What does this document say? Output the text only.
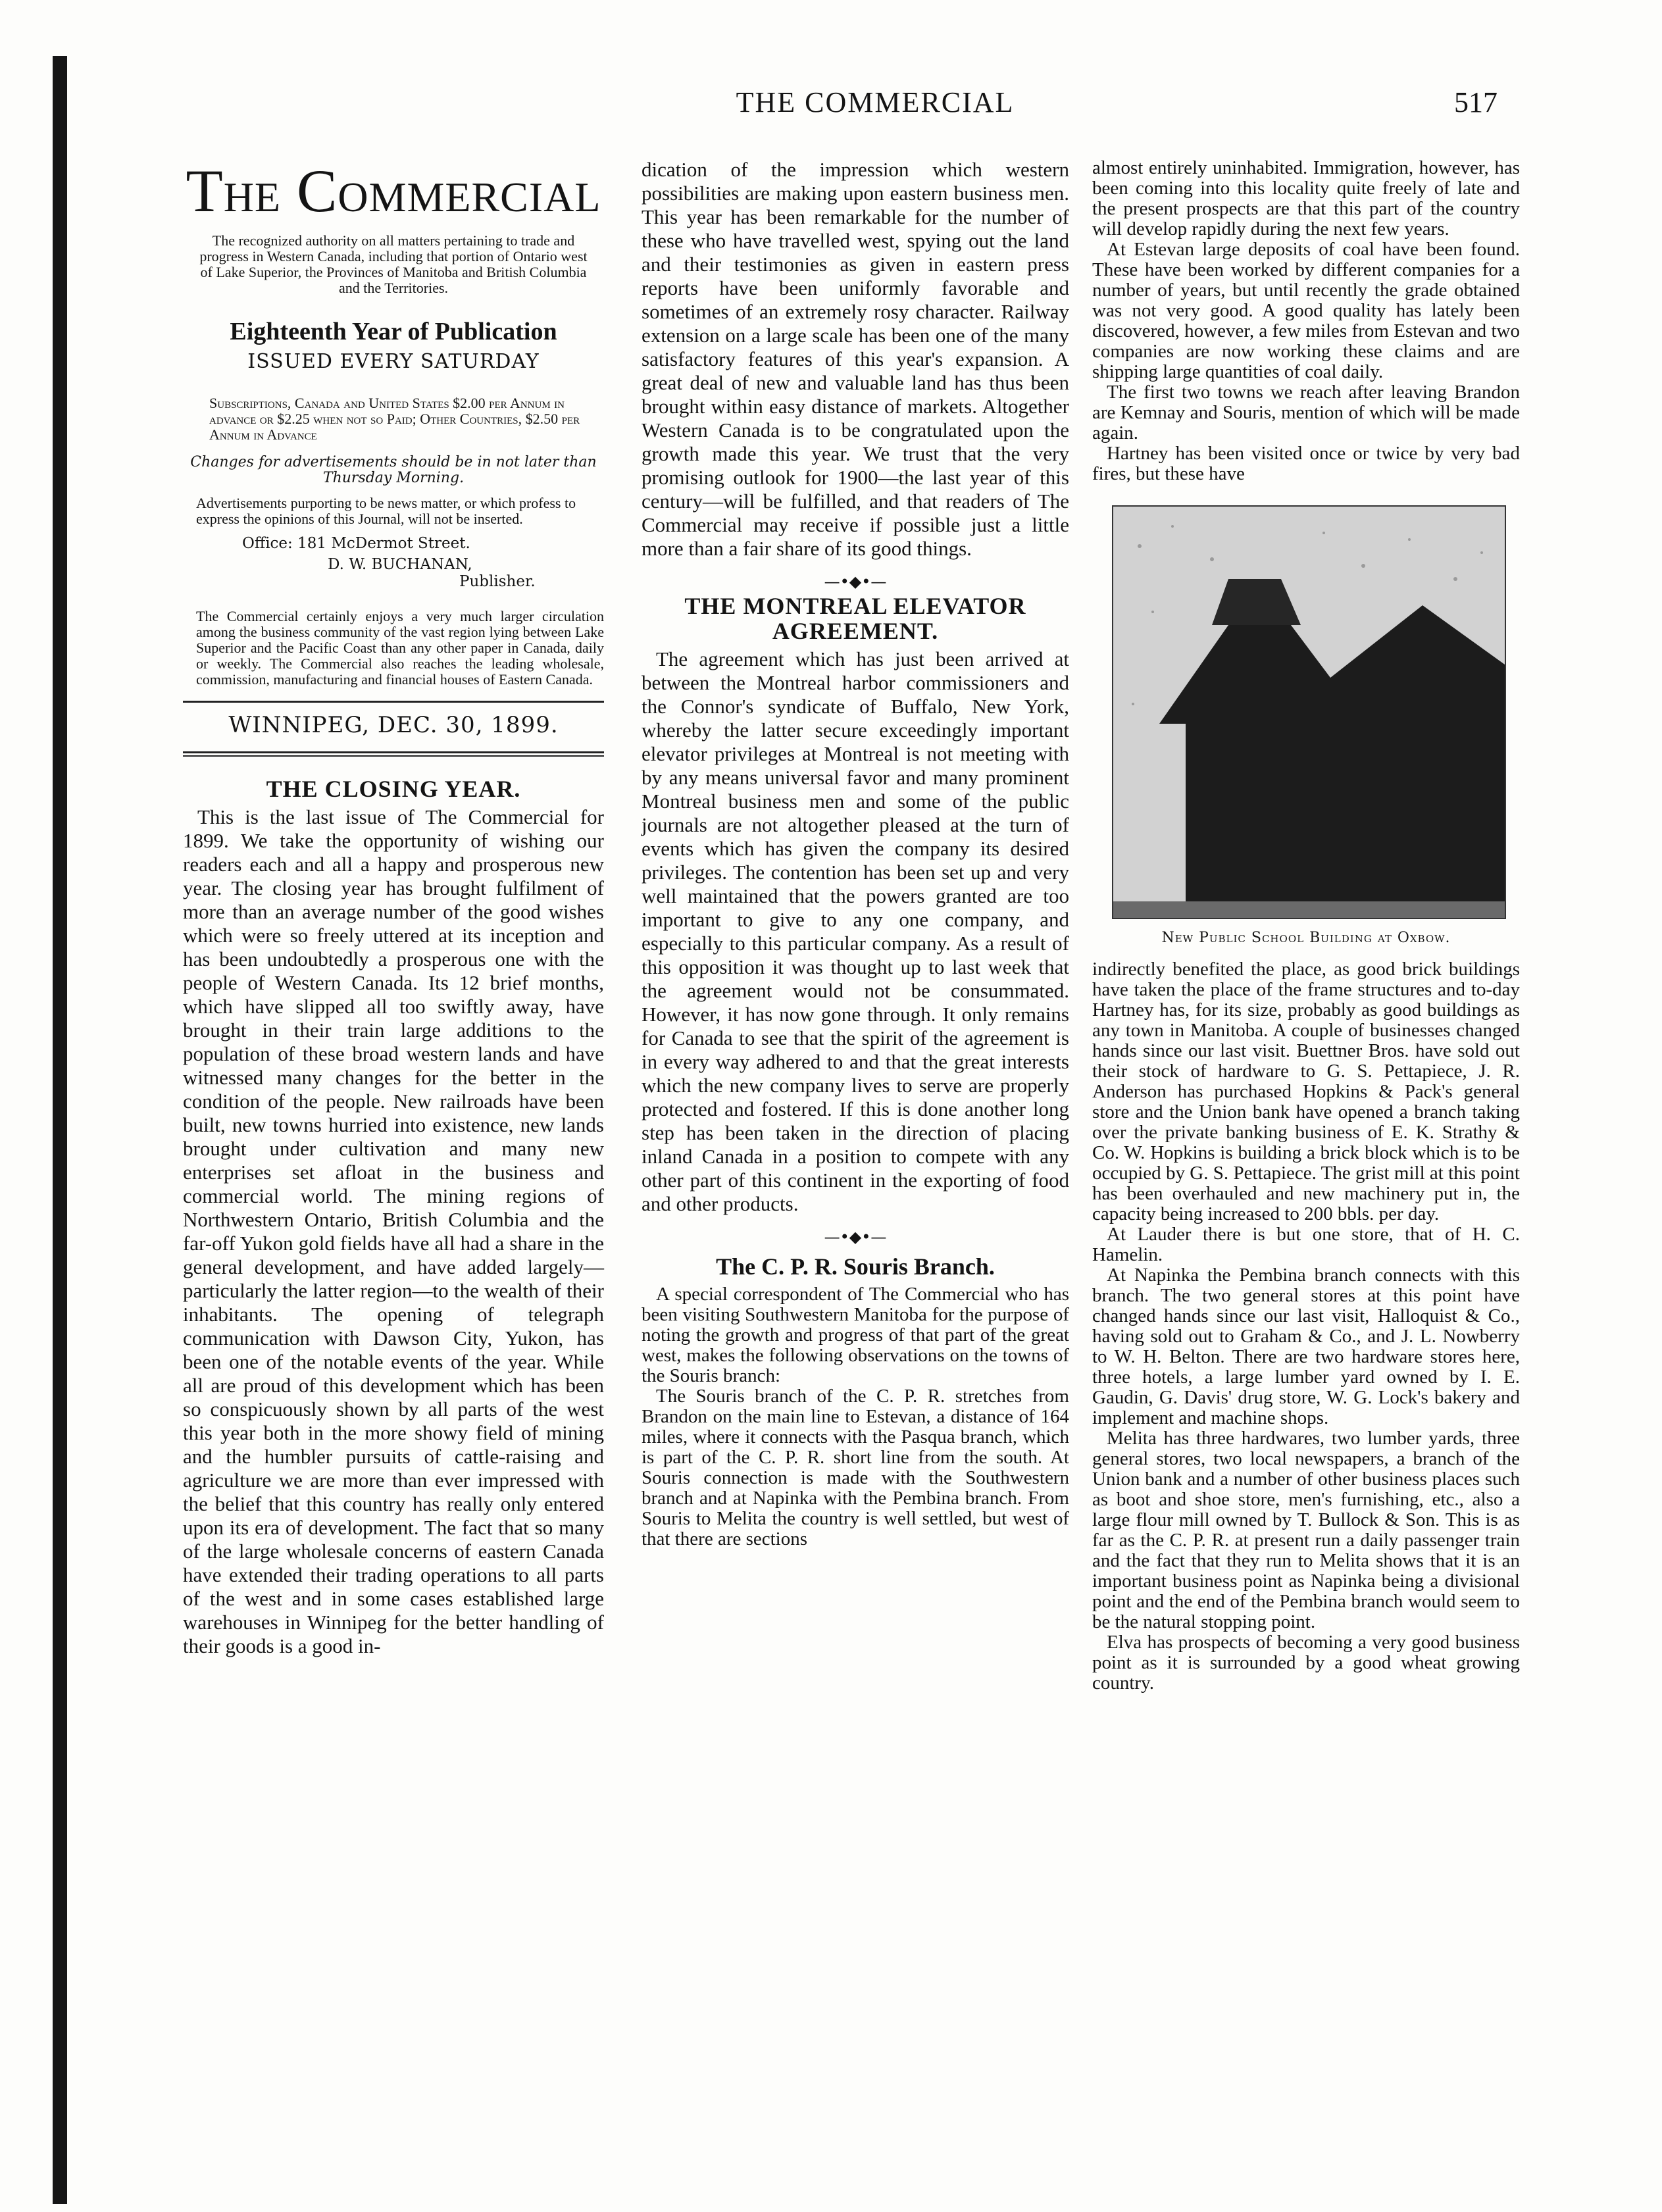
THE COMMERCIAL	517
The Commercial
The recognized authority on all matters pertaining to trade and progress in Western Canada, including that portion of Ontario west of Lake Superior, the Provinces of Manitoba and British Columbia and the Territories.
Eighteenth Year of Publication
ISSUED EVERY SATURDAY
Subscriptions, Canada and United States $2.00 per Annum in advance or $2.25 when not so Paid; Other Countries, $2.50 per Annum in Advance
Changes for advertisements should be in not later than Thursday Morning.
Advertisements purporting to be news matter, or which profess to express the opinions of this Journal, will not be inserted.
Office: 181 McDermot Street.
D. W. BUCHANAN,
Publisher.
The Commercial certainly enjoys a very much larger circulation among the business community of the vast region lying between Lake Superior and the Pacific Coast than any other paper in Canada, daily or weekly. The Commercial also reaches the leading wholesale, commission, manufacturing and financial houses of Eastern Canada.
WINNIPEG, DEC. 30, 1899.
THE CLOSING YEAR.

This is the last issue of The Commercial for 1899. We take the opportunity of wishing our readers each and all a happy and prosperous new year. The closing year has brought fulfilment of more than an average number of the good wishes which were so freely uttered at its inception and has been undoubtedly a prosperous one with the people of Western Canada. Its 12 brief months, which have slipped all too swiftly away, have brought in their train large additions to the population of these broad western lands and have witnessed many changes for the better in the condition of the people. New railroads have been built, new towns hurried into existence, new lands brought under cultivation and many new enterprises set afloat in the business and commercial world. The mining regions of Northwestern Ontario, British Columbia and the far-off Yukon gold fields have all had a share in the general development, and have added largely—particularly the latter region—to the wealth of their inhabitants. The opening of telegraph communication with Dawson City, Yukon, has been one of the notable events of the year. While all are proud of this development which has been so conspicuously shown by all parts of the west this year both in the more showy field of mining and the humbler pursuits of cattle-raising and agriculture we are more than ever impressed with the belief that this country has really only entered upon its era of development. The fact that so many of the large wholesale concerns of eastern Canada have extended their trading operations to all parts of the west and in some cases established large warehouses in Winnipeg for the better handling of their goods is a good in-

dication of the impression which western possibilities are making upon eastern business men. This year has been remarkable for the number of these who have travelled west, spying out the land and their testimonies as given in eastern press reports have been uniformly favorable and sometimes of an extremely rosy character. Railway extension on a large scale has been one of the many satisfactory features of this year's expansion. A great deal of new and valuable land has thus been brought within easy distance of markets. Altogether Western Canada is to be congratulated upon the growth made this year. We trust that the very promising outlook for 1900—the last year of this century—will be fulfilled, and that readers of The Commercial may receive if possible just a little more than a fair share of its good things.

—•◆•—
THE MONTREAL ELEVATOR AGREEMENT.

The agreement which has just been arrived at between the Montreal harbor commissioners and the Connor's syndicate of Buffalo, New York, whereby the latter secure exceedingly important elevator privileges at Montreal is not meeting with by any means universal favor and many prominent Montreal business men and some of the public journals are not altogether pleased at the turn of events which has given the company its desired privileges. The contention has been set up and very well maintained that the powers granted are too important to give to any one company, and especially to this particular company. As a result of this opposition it was thought up to last week that the agreement would not be consummated. However, it has now gone through. It only remains for Canada to see that the spirit of the agreement is in every way adhered to and that the great interests which the new company lives to serve are properly protected and fostered. If this is done another long step has been taken in the direction of placing inland Canada in a position to compete with any other part of this continent in the exporting of food and other products.

—•◆•—
The C. P. R. Souris Branch.

A special correspondent of The Commercial who has been visiting Southwestern Manitoba for the purpose of noting the growth and progress of that part of the great west, makes the following observations on the towns of the Souris branch:

The Souris branch of the C. P. R. stretches from Brandon on the main line to Estevan, a distance of 164 miles, where it connects with the Pasqua branch, which is part of the C. P. R. short line from the south. At Souris connection is made with the Southwestern branch and at Napinka with the Pembina branch. From Souris to Melita the country is well settled, but west of that there are sections

almost entirely uninhabited. Immigration, however, has been coming into this locality quite freely of late and the present prospects are that this part of the country will develop rapidly during the next few years.

At Estevan large deposits of coal have been found. These have been worked by different companies for a number of years, but until recently the grade obtained was not very good. A good quality has lately been discovered, however, a few miles from Estevan and two companies are now working these claims and are shipping large quantities of coal daily.

The first two towns we reach after leaving Brandon are Kemnay and Souris, mention of which will be made again.

Hartney has been visited once or twice by very bad fires, but these have

New Public School Building at Oxbow.

indirectly benefited the place, as good brick buildings have taken the place of the frame structures and to-day Hartney has, for its size, probably as good buildings as any town in Manitoba. A couple of businesses changed hands since our last visit. Buettner Bros. have sold out their stock of hardware to G. S. Pettapiece, J. R. Anderson has purchased Hopkins & Pack's general store and the Union bank have opened a branch taking over the private banking business of E. K. Strathy & Co. W. Hopkins is building a brick block which is to be occupied by G. S. Pettapiece. The grist mill at this point has been overhauled and new machinery put in, the capacity being increased to 200 bbls. per day.

At Lauder there is but one store, that of H. C. Hamelin.

At Napinka the Pembina branch connects with this branch. The two general stores at this point have changed hands since our last visit, Halloquist & Co., having sold out to Graham & Co., and J. L. Nowberry to W. H. Belton. There are two hardware stores here, three hotels, a large lumber yard owned by I. E. Gaudin, G. Davis' drug store, W. G. Lock's bakery and implement and machine shops.

Melita has three hardwares, two lumber yards, three general stores, two local newspapers, a branch of the Union bank and a number of other business places such as boot and shoe store, men's furnishing, etc., also a large flour mill owned by T. Bullock & Son. This is as far as the C. P. R. at present run a daily passenger train and the fact that they run to Melita shows that it is an important business point as Napinka being a divisional point and the end of the Pembina branch would seem to be the natural stopping point.

Elva has prospects of becoming a very good business point as it is surrounded by a good wheat growing country.
